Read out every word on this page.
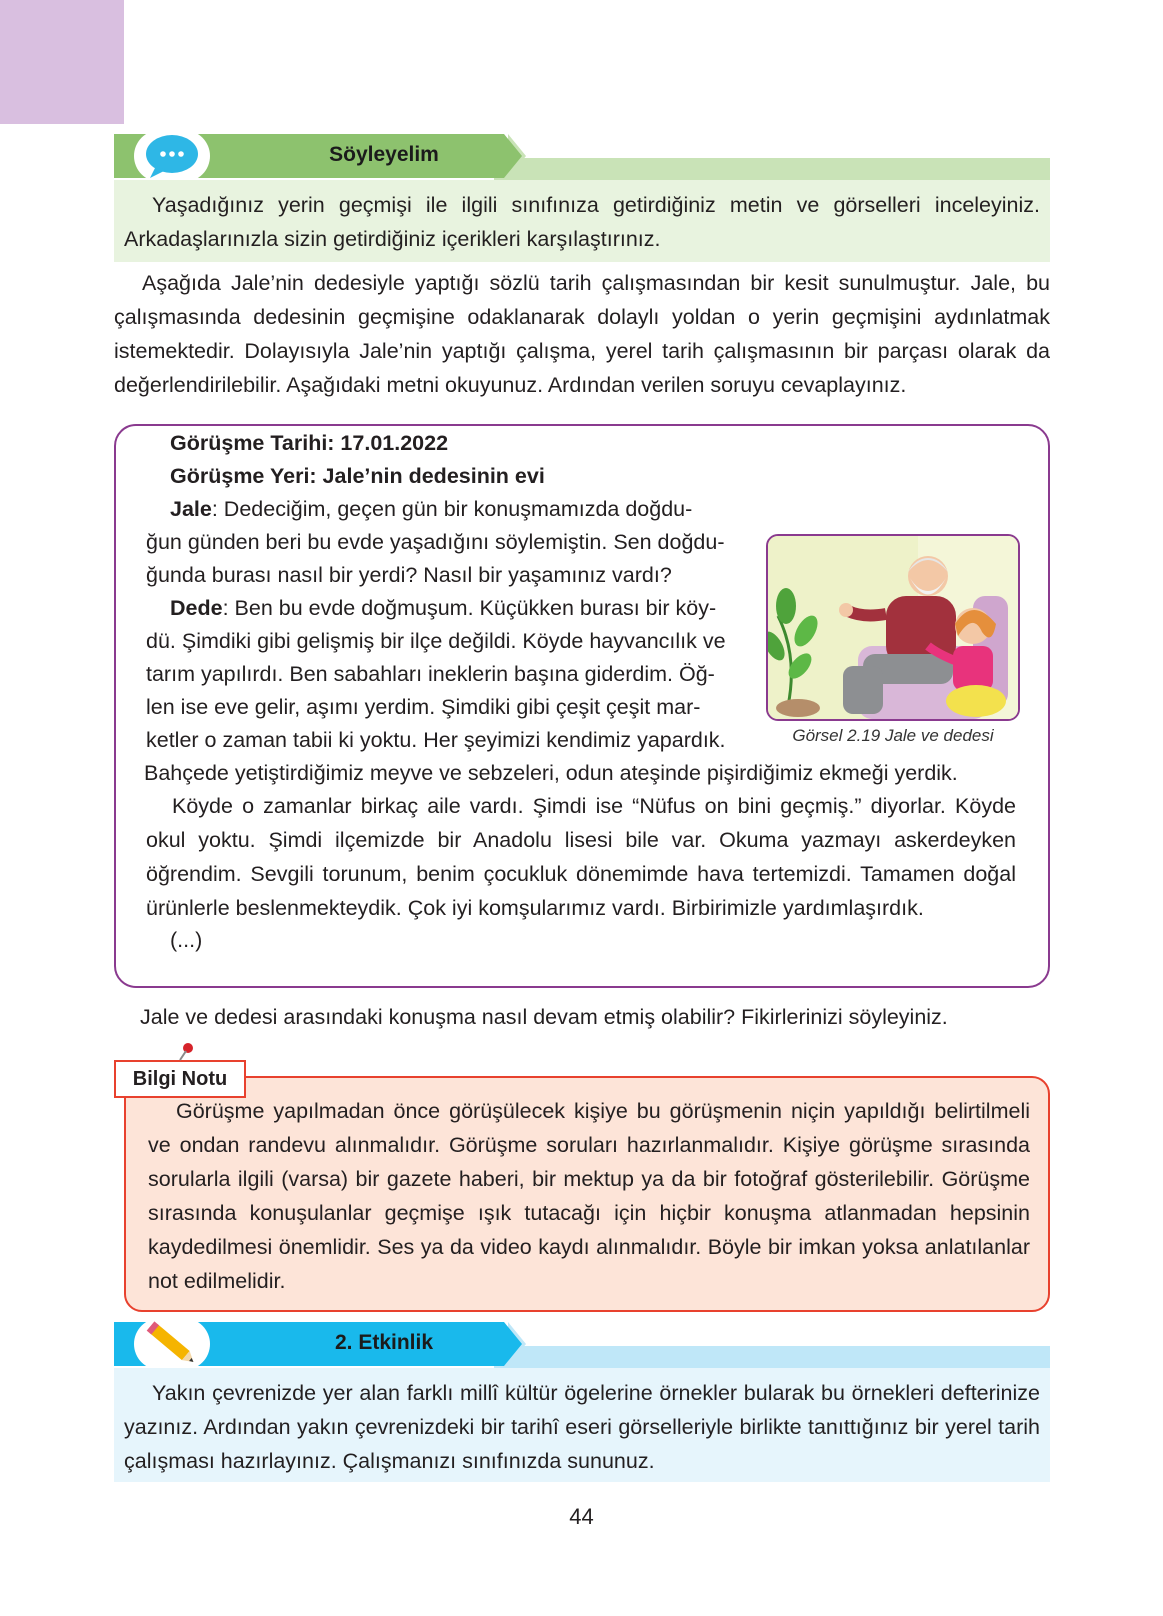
Söyleyelim

Yaşadığınız yerin geçmişi ile ilgili sınıfınıza getirdiğiniz metin ve görselleri inceleyiniz. Arkadaşlarınızla sizin getirdiğiniz içerikleri karşılaştırınız.

Aşağıda Jale’nin dedesiyle yaptığı sözlü tarih çalışmasından bir kesit sunulmuştur. Jale, bu çalışmasında dedesinin geçmişine odaklanarak dolaylı yoldan o yerin geçmişini aydınlatmak istemektedir. Dolayısıyla Jale’nin yaptığı çalışma, yerel tarih çalışmasının bir parçası olarak da değerlendirilebilir. Aşağıdaki metni okuyunuz. Ardından verilen soruyu cevaplayınız.

Görüşme Tarihi: 17.01.2022
Görüşme Yeri: Jale’nin dedesinin evi
Jale: Dedeciğim, geçen gün bir konuşmamızda doğdu-
ğun günden beri bu evde yaşadığını söylemiştin. Sen doğdu-
ğunda burası nasıl bir yerdi? Nasıl bir yaşamınız vardı?
Dede: Ben bu evde doğmuşum. Küçükken burası bir köy-
dü. Şimdiki gibi gelişmiş bir ilçe değildi. Köyde hayvancılık ve
tarım yapılırdı. Ben sabahları ineklerin başına giderdim. Öğ-
len ise eve gelir, aşımı yerdim. Şimdiki gibi çeşit çeşit mar-
ketler o zaman tabii ki yoktu. Her şeyimizi kendimiz yapardık.
Bahçede yetiştirdiğimiz meyve ve sebzeleri, odun ateşinde pişirdiğimiz ekmeği yerdik.

Köyde o zamanlar birkaç aile vardı. Şimdi ise “Nüfus on bini geçmiş.” diyorlar. Köyde okul yoktu. Şimdi ilçemizde bir Anadolu lisesi bile var. Okuma yazmayı askerdeyken öğrendim. Sevgili torunum, benim çocukluk dönemimde hava tertemizdi. Tamamen doğal ürünlerle beslenmekteydik. Çok iyi komşularımız vardı. Birbirimizle yardımlaşırdık.

(...)
Görsel 2.19 Jale ve dedesi
Jale ve dedesi arasındaki konuşma nasıl devam etmiş olabilir? Fikirlerinizi söyleyiniz.

Görüşme yapılmadan önce görüşülecek kişiye bu görüşmenin niçin yapıldığı belirtilmeli ve ondan randevu alınmalıdır. Görüşme soruları hazırlanmalıdır. Kişiye görüşme sırasında sorularla ilgili (varsa) bir gazete haberi, bir mektup ya da bir fotoğraf gösterilebilir. Görüşme sırasında konuşulanlar geçmişe ışık tutacağı için hiçbir konuşma atlanmadan hepsinin kaydedilmesi önemlidir. Ses ya da video kaydı alınmalıdır. Böyle bir imkan yoksa anlatılanlar not edilmelidir.

Bilgi Notu
2. Etkinlik

Yakın çevrenizde yer alan farklı millî kültür ögelerine örnekler bularak bu örnekleri defterinize yazınız. Ardından yakın çevrenizdeki bir tarihî eseri görselleriyle birlikte tanıttığınız bir yerel tarih çalışması hazırlayınız. Çalışmanızı sınıfınızda sununuz.

44
